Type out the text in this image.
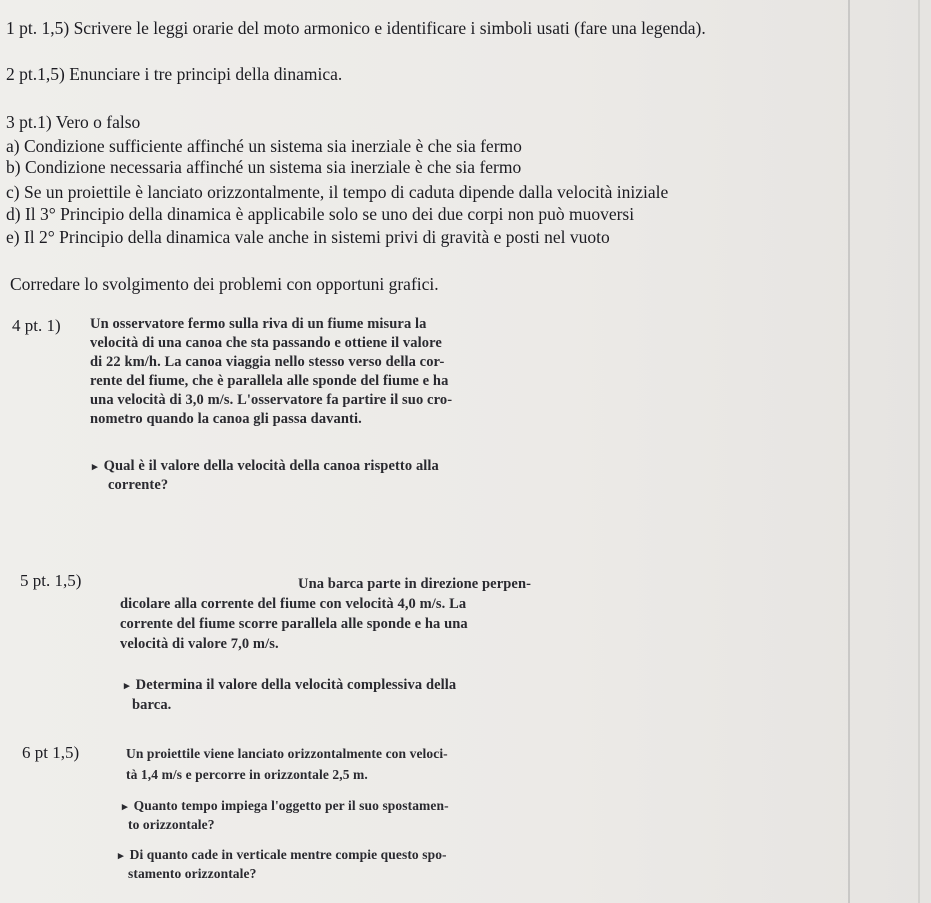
1 pt. 1,5) Scrivere le leggi orarie del moto armonico e identificare i simboli usati (fare una legenda).
2 pt.1,5) Enunciare i tre principi della dinamica.
3 pt.1) Vero o falso
a) Condizione sufficiente affinché un sistema sia inerziale è che sia fermo
b) Condizione necessaria affinché un sistema sia inerziale è che sia fermo
c) Se un proiettile è lanciato orizzontalmente, il tempo di caduta dipende dalla velocità iniziale
d) Il 3° Principio della dinamica è applicabile solo se uno dei due corpi non può muoversi
e) Il 2° Principio della dinamica vale anche in sistemi privi di gravità e posti nel vuoto
Corredare lo svolgimento dei problemi con opportuni grafici.
4 pt. 1) Un osservatore fermo sulla riva di un fiume misura la
velocità di una canoa che sta passando e ottiene il valore
di 22 km/h. La canoa viaggia nello stesso verso della cor-
rente del fiume, che è parallela alle sponde del fiume e ha
una velocità di 3,0 m/s. L'osservatore fa partire il suo cro-
nometro quando la canoa gli passa davanti.
▸ Qual è il valore della velocità della canoa rispetto alla
corrente?
5 pt. 1,5)	Una barca parte in direzione perpen-
dicolare alla corrente del fiume con velocità 4,0 m/s. La
corrente del fiume scorre parallela alle sponde e ha una
velocità di valore 7,0 m/s.
▸ Determina il valore della velocità complessiva della
barca.
6 pt 1,5)	Un proiettile viene lanciato orizzontalmente con veloci-
tà 1,4 m/s e percorre in orizzontale 2,5 m.
▸ Quanto tempo impiega l'oggetto per il suo spostamen-
to orizzontale?
▸ Di quanto cade in verticale mentre compie questo spo-
stamento orizzontale?
